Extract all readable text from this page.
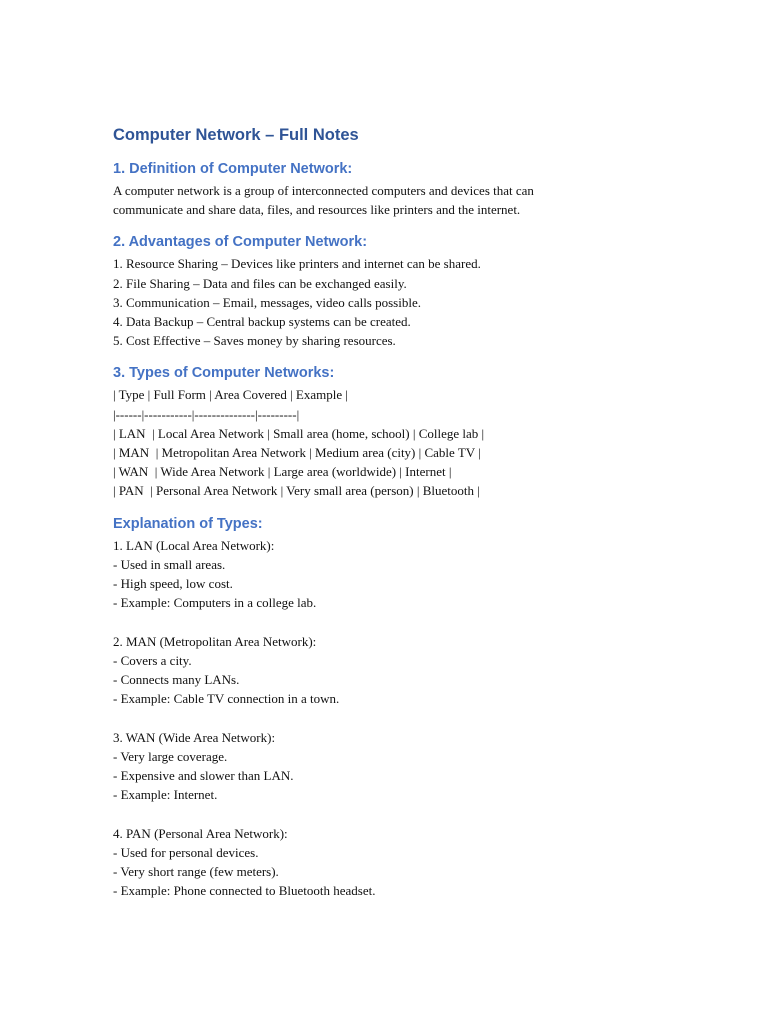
Computer Network – Full Notes
1. Definition of Computer Network:
A computer network is a group of interconnected computers and devices that can
communicate and share data, files, and resources like printers and the internet.
2. Advantages of Computer Network:
1. Resource Sharing – Devices like printers and internet can be shared.
2. File Sharing – Data and files can be exchanged easily.
3. Communication – Email, messages, video calls possible.
4. Data Backup – Central backup systems can be created.
5. Cost Effective – Saves money by sharing resources.
3. Types of Computer Networks:
| Type | Full Form | Area Covered | Example |
|------|-----------|--------------|---------|
| LAN  | Local Area Network | Small area (home, school) | College lab |
| MAN  | Metropolitan Area Network | Medium area (city) | Cable TV |
| WAN  | Wide Area Network | Large area (worldwide) | Internet |
| PAN  | Personal Area Network | Very small area (person) | Bluetooth |
Explanation of Types:
1. LAN (Local Area Network):
- Used in small areas.
- High speed, low cost.
- Example: Computers in a college lab.
2. MAN (Metropolitan Area Network):
- Covers a city.
- Connects many LANs.
- Example: Cable TV connection in a town.
3. WAN (Wide Area Network):
- Very large coverage.
- Expensive and slower than LAN.
- Example: Internet.
4. PAN (Personal Area Network):
- Used for personal devices.
- Very short range (few meters).
- Example: Phone connected to Bluetooth headset.
